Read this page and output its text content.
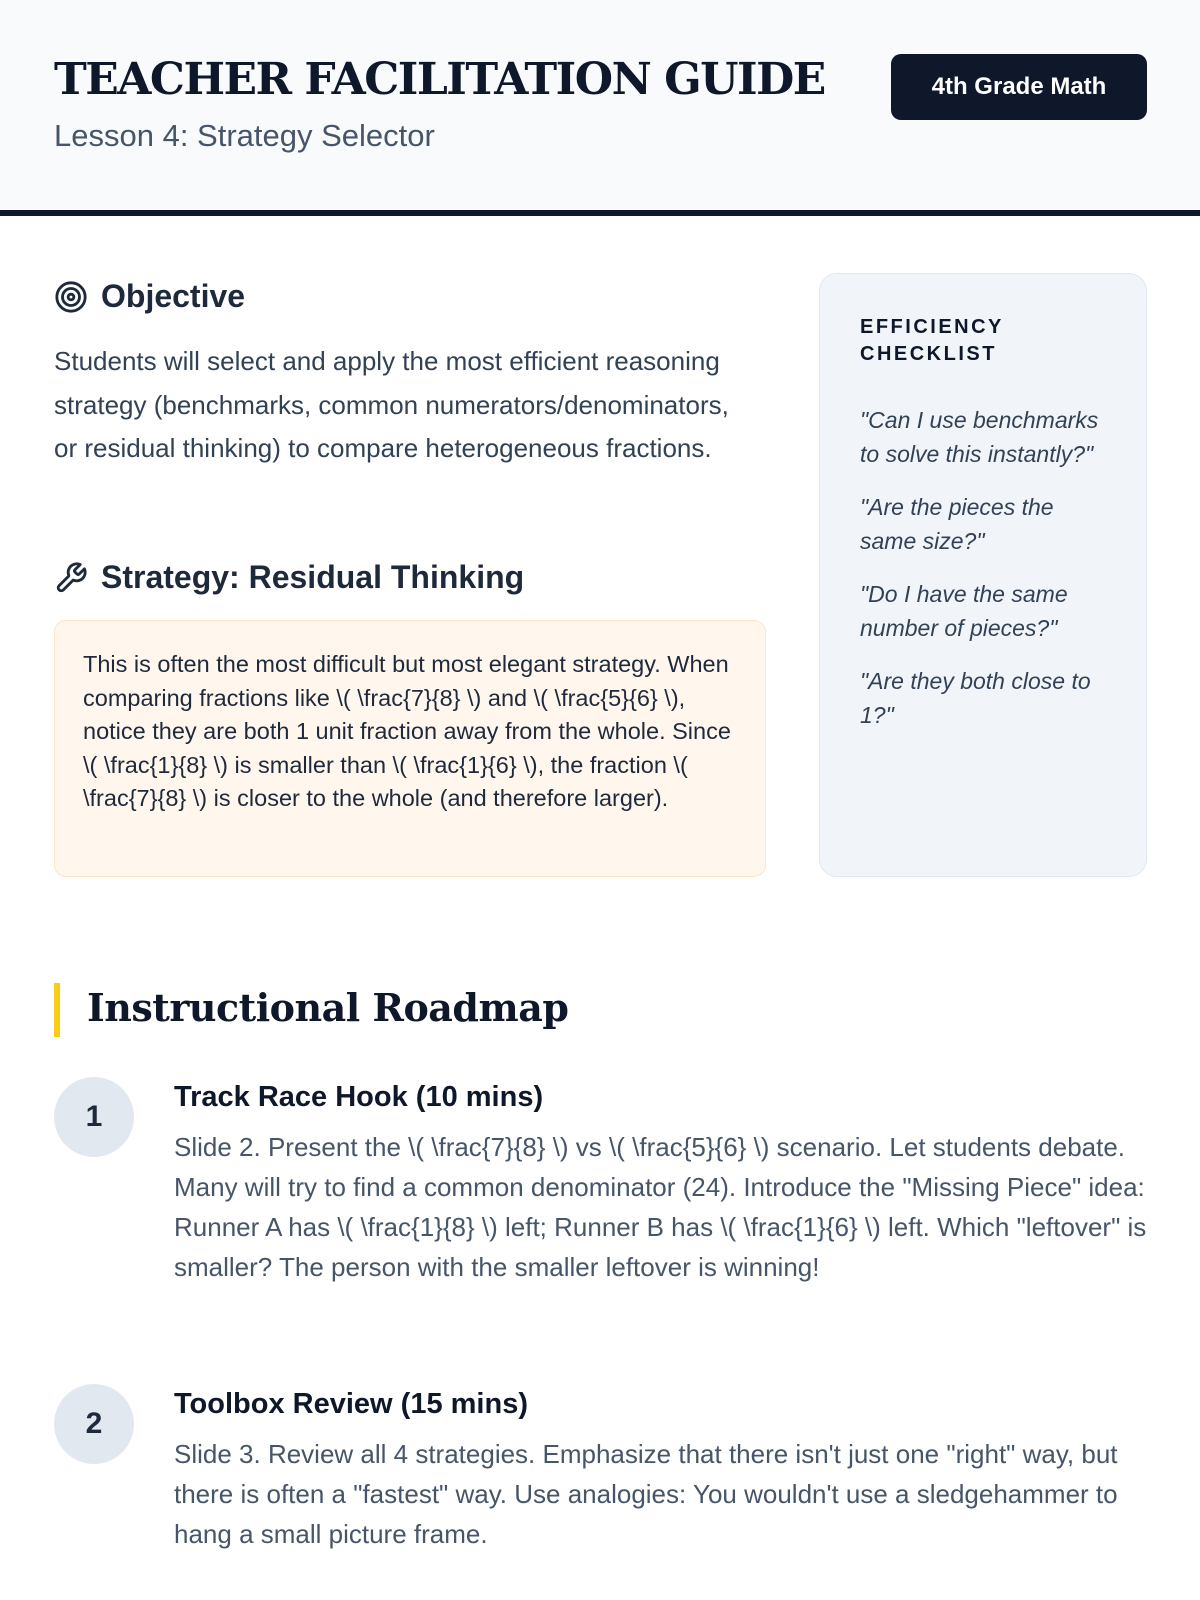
TEACHER FACILITATION GUIDE

Lesson 4: Strategy Selector

4th Grade Math
Objective

Students will select and apply the most efficient reasoning strategy (benchmarks, common numerators/denominators, or residual thinking) to compare heterogeneous fractions.

Strategy: Residual Thinking
This is often the most difficult but most elegant strategy. When comparing fractions like \( \frac{7}{8} \) and \( \frac{5}{6} \), notice they are both 1 unit fraction away from the whole. Since \( \frac{1}{8} \) is smaller than \( \frac{1}{6} \), the fraction \( \frac{7}{8} \) is closer to the whole (and therefore larger).
EFFICIENCY CHECKLIST

"Can I use benchmarks to solve this instantly?"

"Are the pieces the same size?"

"Do I have the same number of pieces?"

"Are they both close to 1?"

Instructional Roadmap
1
Track Race Hook (10 mins)

Slide 2. Present the \( \frac{7}{8} \) vs \( \frac{5}{6} \) scenario. Let students debate. Many will try to find a common denominator (24). Introduce the "Missing Piece" idea: Runner A has \( \frac{1}{8} \) left; Runner B has \( \frac{1}{6} \) left. Which "leftover" is smaller? The person with the smaller leftover is winning!

2
Toolbox Review (15 mins)

Slide 3. Review all 4 strategies. Emphasize that there isn't just one "right" way, but there is often a "fastest" way. Use analogies: You wouldn't use a sledgehammer to hang a small picture frame.
